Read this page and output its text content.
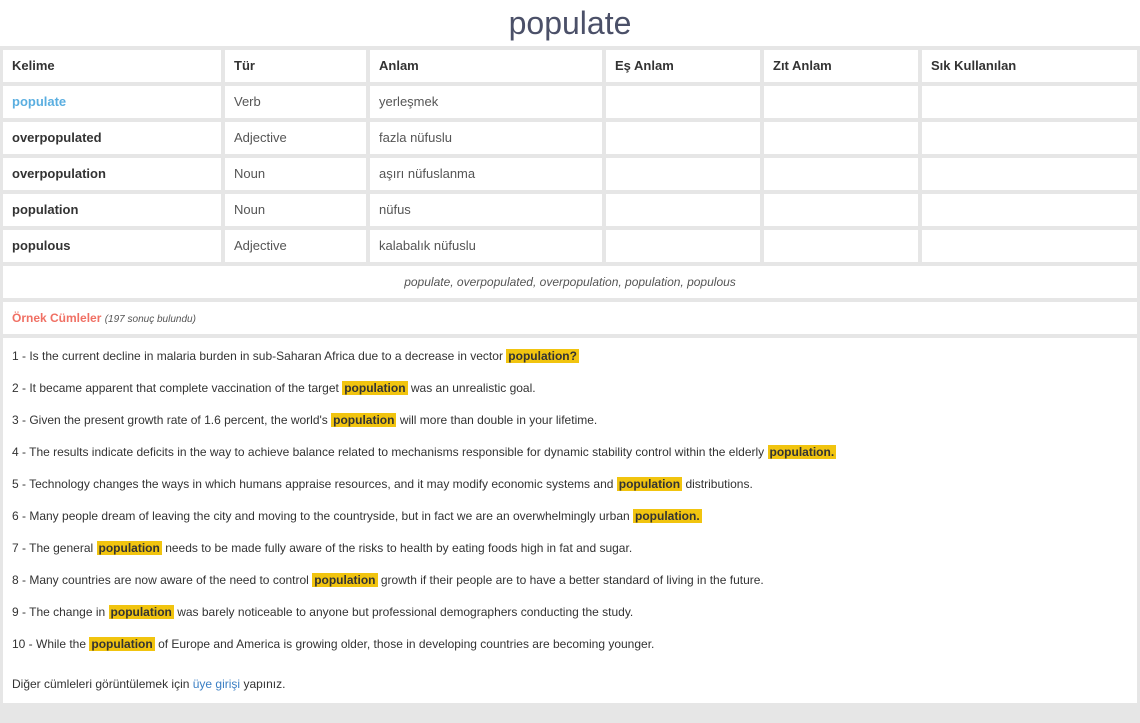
populate
Kelime	Tür	Anlam	Eş Anlam	Zıt Anlam	Sık Kullanılan
populate	Verb	yerleşmek
overpopulated	Adjective	fazla nüfuslu
overpopulation	Noun	aşırı nüfuslanma
population	Noun	nüfus
populous	Adjective	kalabalık nüfuslu
populate, overpopulated, overpopulation, population, populous
Örnek Cümleler (197 sonuç bulundu)
1 - Is the current decline in malaria burden in sub-Saharan Africa due to a decrease in vector population?
2 - It became apparent that complete vaccination of the target population was an unrealistic goal.
3 - Given the present growth rate of 1.6 percent, the world's population will more than double in your lifetime.
4 - The results indicate deficits in the way to achieve balance related to mechanisms responsible for dynamic stability control within the elderly population.
5 - Technology changes the ways in which humans appraise resources, and it may modify economic systems and population distributions.
6 - Many people dream of leaving the city and moving to the countryside, but in fact we are an overwhelmingly urban population.
7 - The general population needs to be made fully aware of the risks to health by eating foods high in fat and sugar.
8 - Many countries are now aware of the need to control population growth if their people are to have a better standard of living in the future.
9 - The change in population was barely noticeable to anyone but professional demographers conducting the study.
10 - While the population of Europe and America is growing older, those in developing countries are becoming younger.
Diğer cümleleri görüntülemek için üye girişi yapınız.
